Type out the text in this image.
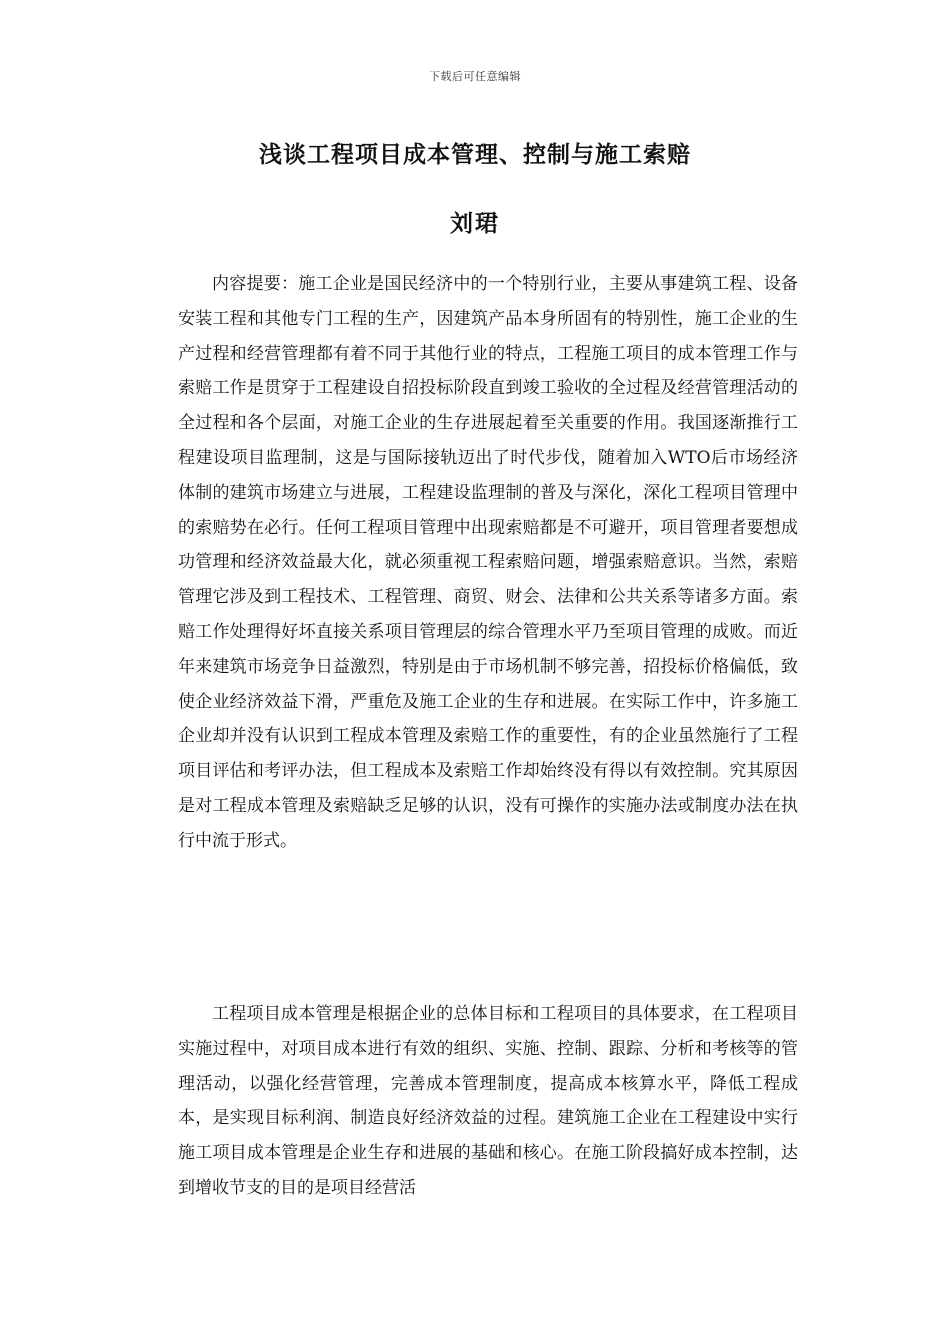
下载后可任意编辑
浅谈工程项目成本管理、控制与施工索赔
刘珺

内容提要：施工企业是国民经济中的一个特别行业，主要从事建筑工程、设备安装工程和其他专门工程的生产，因建筑产品本身所固有的特别性，施工企业的生产过程和经营管理都有着不同于其他行业的特点，工程施工项目的成本管理工作与索赔工作是贯穿于工程建设自招投标阶段直到竣工验收的全过程及经营管理活动的全过程和各个层面，对施工企业的生存进展起着至关重要的作用。我国逐渐推行工程建设项目监理制，这是与国际接轨迈出了时代步伐，随着加入WTO后市场经济体制的建筑市场建立与进展，工程建设监理制的普及与深化，深化工程项目管理中的索赔势在必行。任何工程项目管理中出现索赔都是不可避开，项目管理者要想成功管理和经济效益最大化，就必须重视工程索赔问题，增强索赔意识。当然，索赔管理它涉及到工程技术、工程管理、商贸、财会、法律和公共关系等诸多方面。索赔工作处理得好坏直接关系项目管理层的综合管理水平乃至项目管理的成败。而近年来建筑市场竞争日益激烈，特别是由于市场机制不够完善，招投标价格偏低，致使企业经济效益下滑，严重危及施工企业的生存和进展。在实际工作中，许多施工企业却并没有认识到工程成本管理及索赔工作的重要性，有的企业虽然施行了工程项目评估和考评办法，但工程成本及索赔工作却始终没有得以有效控制。究其原因是对工程成本管理及索赔缺乏足够的认识，没有可操作的实施办法或制度办法在执行中流于形式。

工程项目成本管理是根据企业的总体目标和工程项目的具体要求，在工程项目实施过程中，对项目成本进行有效的组织、实施、控制、跟踪、分析和考核等的管理活动，以强化经营管理，完善成本管理制度，提高成本核算水平，降低工程成本，是实现目标利润、制造良好经济效益的过程。建筑施工企业在工程建设中实行施工项目成本管理是企业生存和进展的基础和核心。在施工阶段搞好成本控制，达到增收节支的目的是项目经营活
